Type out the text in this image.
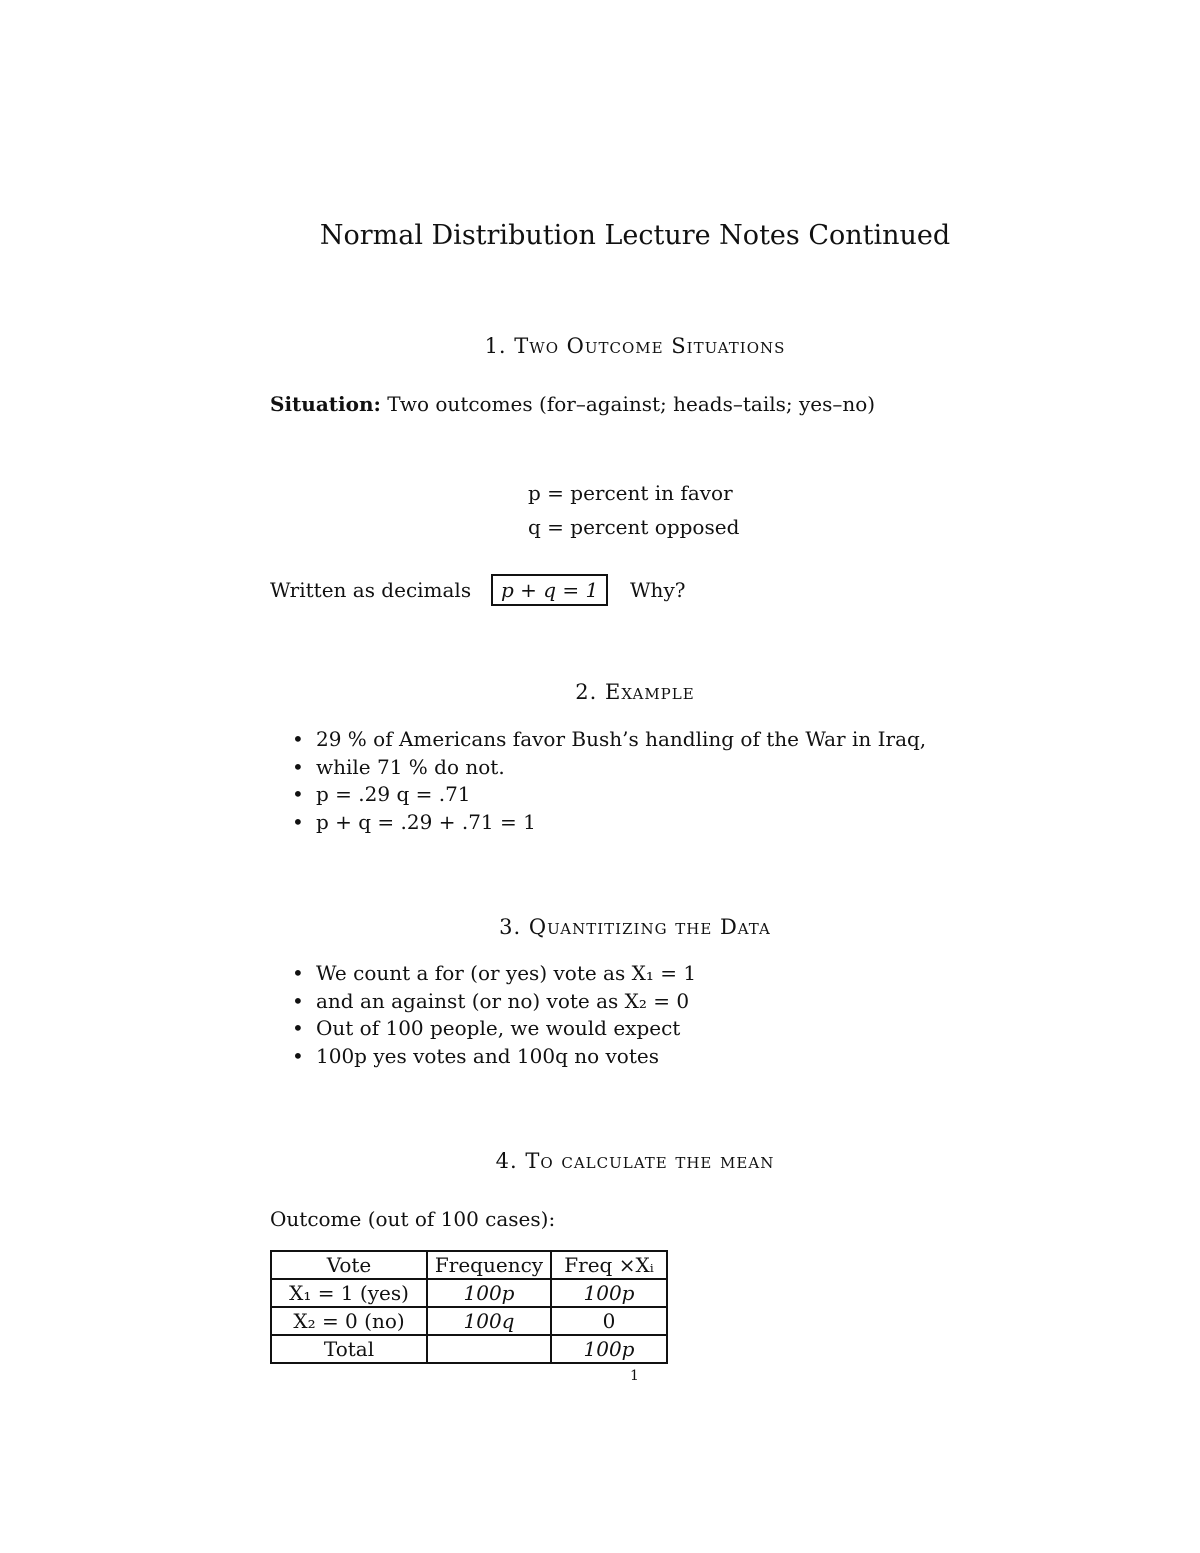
Normal Distribution Lecture Notes Continued
1. Two Outcome Situations
Situation: Two outcomes (for–against; heads–tails; yes–no)
p = percent in favor
q = percent opposed
Written as decimals	p + q = 1	Why?
2. Example
• 29 % of Americans favor Bush’s handling of the War in Iraq,
• while 71 % do not.
• p = .29 q = .71
• p + q = .29 + .71 = 1
3. Quantitizing the Data
• We count a for (or yes) vote as X₁ = 1
• and an against (or no) vote as X₂ = 0
• Out of 100 people, we would expect
• 100p yes votes and 100q no votes
4. To calculate the mean
Outcome (out of 100 cases):
Vote	Frequency	Freq ×Xᵢ
X₁ = 1 (yes)	100p	100p
X₂ = 0 (no)	100q	0
Total		100p
1
